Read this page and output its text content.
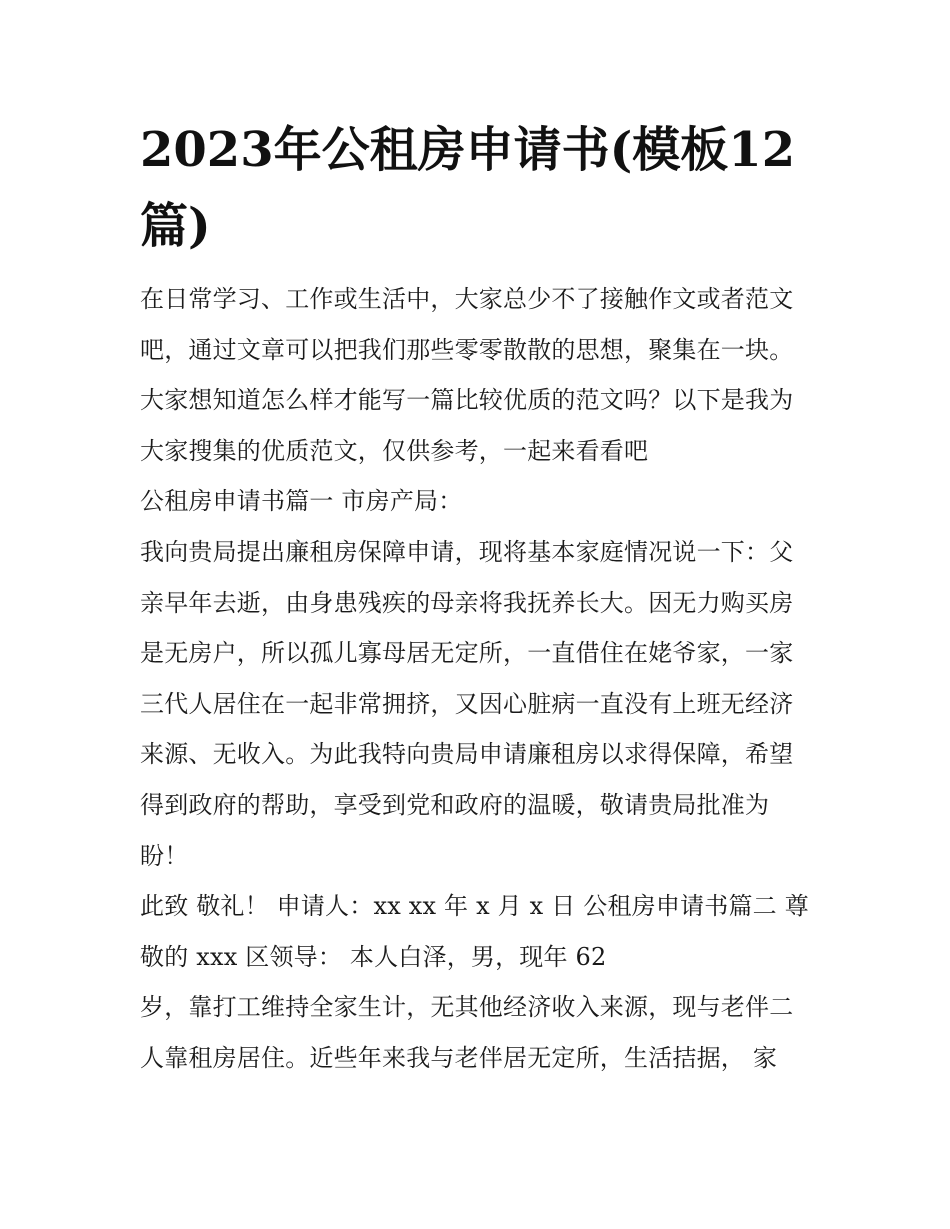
2023年公租房申请书(模板12篇)

在日常学习、工作或生活中，大家总少不了接触作文或者范文吧，通过文章可以把我们那些零零散散的思想，聚集在一块。大家想知道怎么样才能写一篇比较优质的范文吗？以下是我为大家搜集的优质范文，仅供参考，一起来看看吧

公租房申请书篇一 市房产局：

我向贵局提出廉租房保障申请，现将基本家庭情况说一下：父亲早年去逝，由身患残疾的母亲将我抚养长大。因无力购买房是无房户，所以孤儿寡母居无定所，一直借住在姥爷家，一家三代人居住在一起非常拥挤，又因心脏病一直没有上班无经济来源、无收入。为此我特向贵局申请廉租房以求得保障，希望得到政府的帮助，享受到党和政府的温暖，敬请贵局批准为盼！

此致 敬礼！ 申请人：xx xx 年 x 月 x 日 公租房申请书篇二 尊敬的 xxx 区领导： 本人白泽，男，现年 62

岁，靠打工维持全家生计，无其他经济收入来源，现与老伴二人靠租房居住。近些年来我与老伴居无定所，生活拮据， 家
